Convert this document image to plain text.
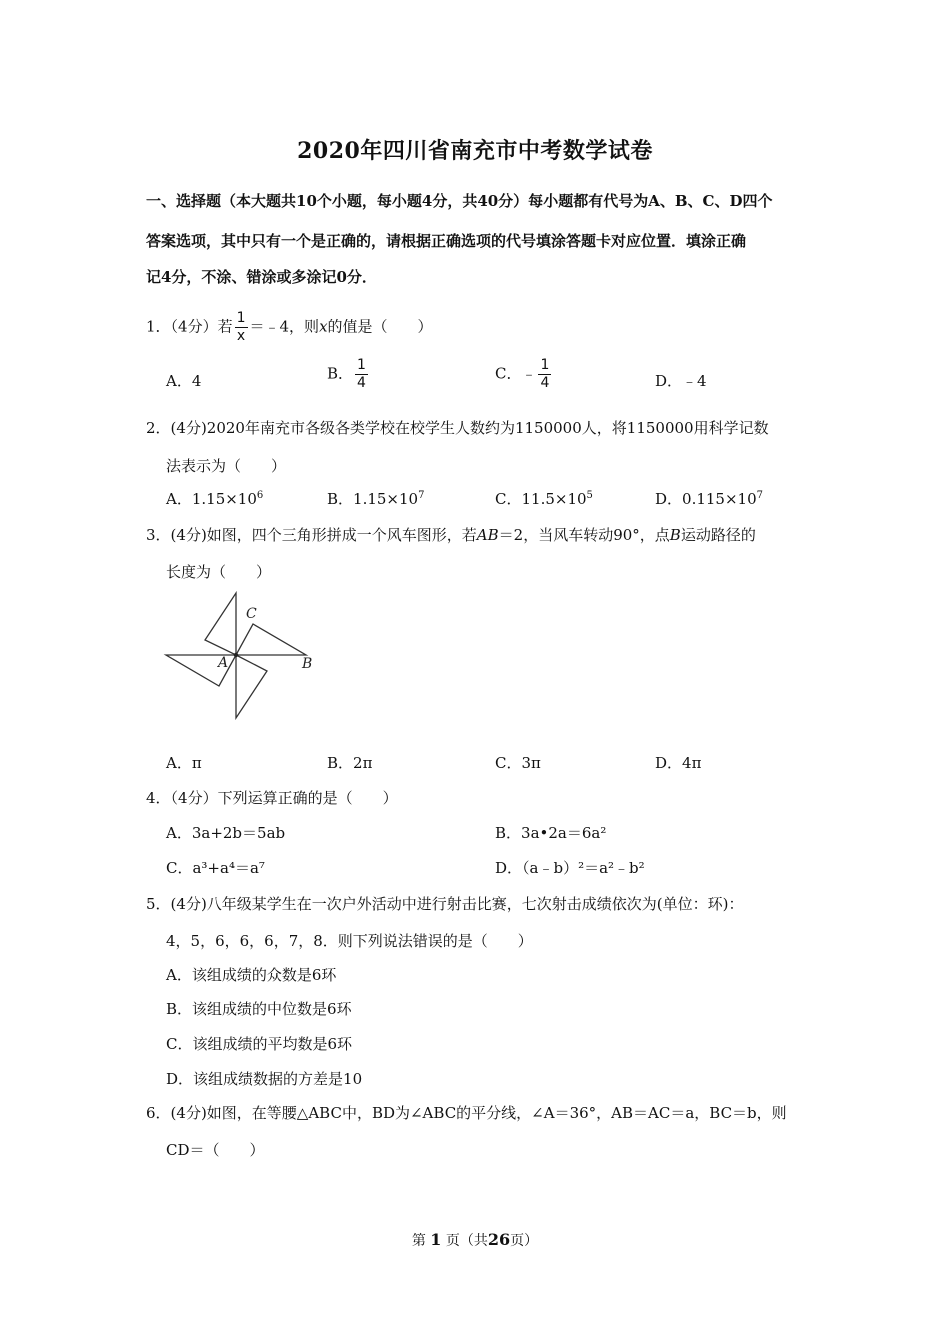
2020年四川省南充市中考数学试卷
一、选择题（本大题共10个小题，每小题4分，共40分）每小题都有代号为A、B、C、D四个
答案选项，其中只有一个是正确的，请根据正确选项的代号填涂答题卡对应位置．填涂正确
记4分，不涂、错涂或多涂记0分．
1．（4分）若 $\frac{1}{x}$ ＝﹣4，则x的值是（　　）
A．4	B． $\frac{1}{4}$	C．﹣ $\frac{1}{4}$	D．﹣4
2．(4分)2020年南充市各级各类学校在校学生人数约为1150000人，将1150000用科学记数
法表示为（　　）
A．$1.15\times 10^6$	B．$1.15\times 10^7$	C．$11.5\times 10^5$	D．$0.115\times 10^7$
3．(4分)如图，四个三角形拼成一个风车图形，若AB＝2，当风车转动90°，点B运动路径的
长度为（　　）
C
A	B
A．π	B．2π	C．3π	D．4π
4．（4分）下列运算正确的是（　　）
A．3a+2b＝5ab	B．3a•2a＝6a²
C．a³+a⁴＝a⁷	D．（a﹣b）²＝a²﹣b²
5．(4分)八年级某学生在一次户外活动中进行射击比赛，七次射击成绩依次为(单位：环)：
4，5，6，6，6，7，8．则下列说法错误的是（　　）
A．该组成绩的众数是6环
B．该组成绩的中位数是6环
C．该组成绩的平均数是6环
D．该组成绩数据的方差是10
6．(4分)如图，在等腰△ABC中，BD为∠ABC的平分线，∠A＝36°，AB＝AC＝a，BC＝b，则
CD＝（　　）
第 1 页（共26页）
